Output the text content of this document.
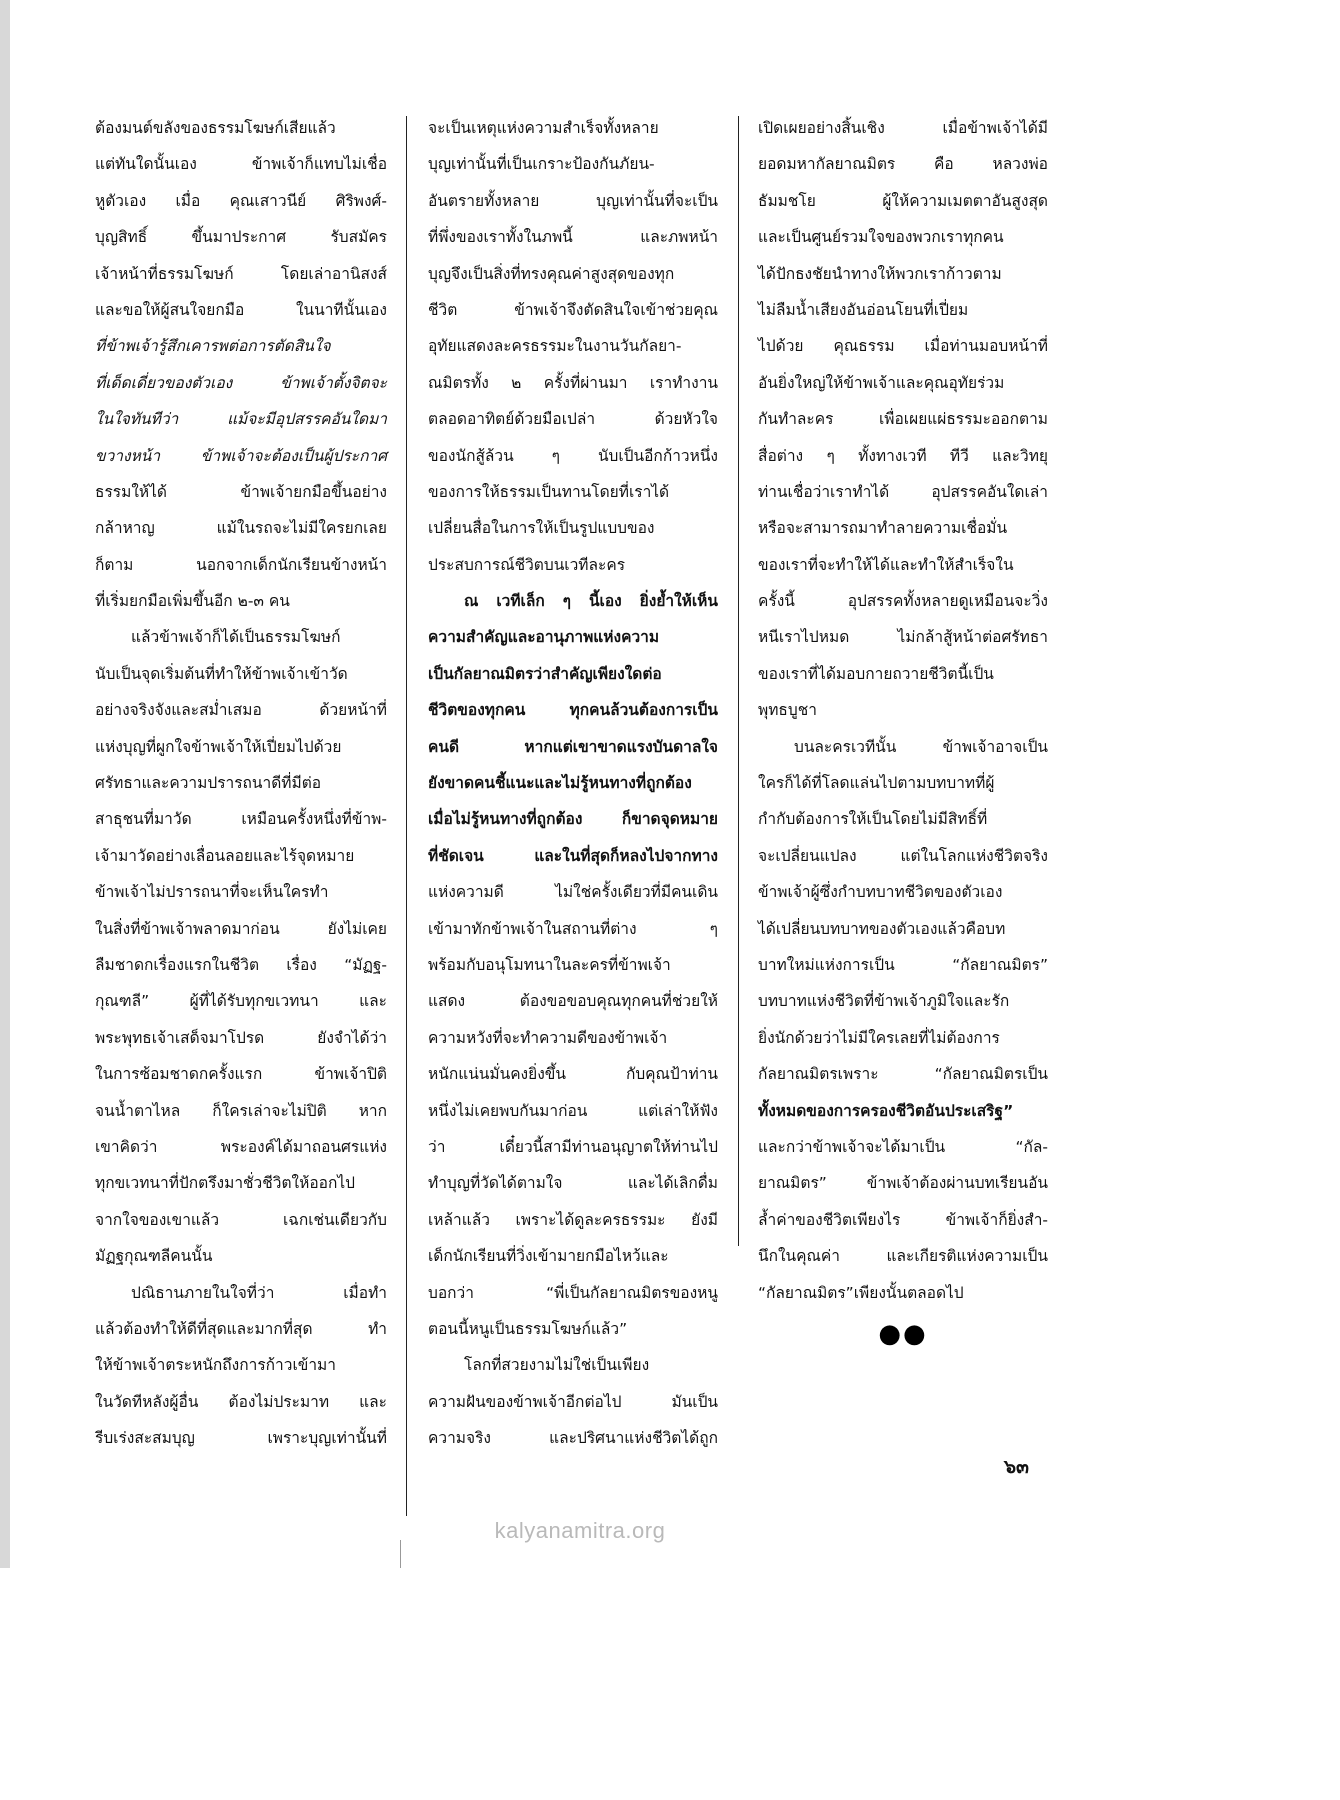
ต้องมนต์ขลังของธรรมโฆษก์เสียแล้ว
แต่ทันใดนั้นเอง ข้าพเจ้าก็แทบไม่เชื่อ
หูตัวเอง เมื่อ คุณเสาวนีย์ ศิริพงศ์-
บุญสิทธิ์ ขึ้นมาประกาศ รับสมัคร
เจ้าหน้าที่ธรรมโฆษก์ โดยเล่าอานิสงส์
และขอให้ผู้สนใจยกมือ ในนาทีนั้นเอง
ที่ข้าพเจ้ารู้สึกเคารพต่อการตัดสินใจ
ที่เด็ดเดี่ยวของตัวเอง ข้าพเจ้าตั้งจิตจะ
ในใจทันทีว่า แม้จะมีอุปสรรคอันใดมา
ขวางหน้า ข้าพเจ้าจะต้องเป็นผู้ประกาศ
ธรรมให้ได้ ข้าพเจ้ายกมือขึ้นอย่าง
กล้าหาญ แม้ในรถจะไม่มีใครยกเลย
ก็ตาม นอกจากเด็กนักเรียนข้างหน้า
ที่เริ่มยกมือเพิ่มขึ้นอีก ๒-๓ คน
แล้วข้าพเจ้าก็ได้เป็นธรรมโฆษก์
นับเป็นจุดเริ่มต้นที่ทำให้ข้าพเจ้าเข้าวัด
อย่างจริงจังและสม่ำเสมอ ด้วยหน้าที่
แห่งบุญที่ผูกใจข้าพเจ้าให้เปี่ยมไปด้วย
ศรัทธาและความปรารถนาดีที่มีต่อ
สาธุชนที่มาวัด เหมือนครั้งหนึ่งที่ข้าพ-
เจ้ามาวัดอย่างเลื่อนลอยและไร้จุดหมาย
ข้าพเจ้าไม่ปรารถนาที่จะเห็นใครทำ
ในสิ่งที่ข้าพเจ้าพลาดมาก่อน ยังไม่เคย
ลืมชาดกเรื่องแรกในชีวิต เรื่อง “มัฏฐ-
กุณฑลี” ผู้ที่ได้รับทุกขเวทนา และ
พระพุทธเจ้าเสด็จมาโปรด ยังจำได้ว่า
ในการซ้อมชาดกครั้งแรก ข้าพเจ้าปิติ
จนน้ำตาไหล ก็ใครเล่าจะไม่ปิติ หาก
เขาคิดว่า พระองค์ได้มาถอนศรแห่ง
ทุกขเวทนาที่ปักตรึงมาชั่วชีวิตให้ออกไป
จากใจของเขาแล้ว เฉกเช่นเดียวกับ
มัฏฐกุณฑลีคนนั้น
ปณิธานภายในใจที่ว่า เมื่อทำ
แล้วต้องทำให้ดีที่สุดและมากที่สุด ทำ
ให้ข้าพเจ้าตระหนักถึงการก้าวเข้ามา
ในวัดทีหลังผู้อื่น ต้องไม่ประมาท และ
รีบเร่งสะสมบุญ เพราะบุญเท่านั้นที่
จะเป็นเหตุแห่งความสำเร็จทั้งหลาย
บุญเท่านั้นที่เป็นเกราะป้องกันภัยน-
อันตรายทั้งหลาย บุญเท่านั้นที่จะเป็น
ที่พึ่งของเราทั้งในภพนี้ และภพหน้า
บุญจึงเป็นสิ่งที่ทรงคุณค่าสูงสุดของทุก
ชีวิต ข้าพเจ้าจึงตัดสินใจเข้าช่วยคุณ
อุทัยแสดงละครธรรมะในงานวันกัลยา-
ณมิตรทั้ง ๒ ครั้งที่ผ่านมา เราทำงาน
ตลอดอาทิตย์ด้วยมือเปล่า ด้วยหัวใจ
ของนักสู้ล้วน ๆ นับเป็นอีกก้าวหนึ่ง
ของการให้ธรรมเป็นทานโดยที่เราได้
เปลี่ยนสื่อในการให้เป็นรูปแบบของ
ประสบการณ์ชีวิตบนเวทีละคร
ณ เวทีเล็ก ๆ นี้เอง ยิ่งย้ำให้เห็น
ความสำคัญและอานุภาพแห่งความ
เป็นกัลยาณมิตรว่าสำคัญเพียงใดต่อ
ชีวิตของทุกคน ทุกคนล้วนต้องการเป็น
คนดี หากแต่เขาขาดแรงบันดาลใจ
ยังขาดคนชี้แนะและไม่รู้หนทางที่ถูกต้อง
เมื่อไม่รู้หนทางที่ถูกต้อง ก็ขาดจุดหมาย
ที่ชัดเจน และในที่สุดก็หลงไปจากทาง
แห่งความดี ไม่ใช่ครั้งเดียวที่มีคนเดิน
เข้ามาทักข้าพเจ้าในสถานที่ต่าง ๆ
พร้อมกับอนุโมทนาในละครที่ข้าพเจ้า
แสดง ต้องขอขอบคุณทุกคนที่ช่วยให้
ความหวังที่จะทำความดีของข้าพเจ้า
หนักแน่นมั่นคงยิ่งขึ้น กับคุณป้าท่าน
หนึ่งไม่เคยพบกันมาก่อน แต่เล่าให้ฟัง
ว่า เดี๋ยวนี้สามีท่านอนุญาตให้ท่านไป
ทำบุญที่วัดได้ตามใจ และได้เลิกดื่ม
เหล้าแล้ว เพราะได้ดูละครธรรมะ ยังมี
เด็กนักเรียนที่วิ่งเข้ามายกมือไหว้และ
บอกว่า “พี่เป็นกัลยาณมิตรของหนู
ตอนนี้หนูเป็นธรรมโฆษก์แล้ว”
โลกที่สวยงามไม่ใช่เป็นเพียง
ความฝันของข้าพเจ้าอีกต่อไป มันเป็น
ความจริง และปริศนาแห่งชีวิตได้ถูก
เปิดเผยอย่างสิ้นเชิง เมื่อข้าพเจ้าได้มี
ยอดมหากัลยาณมิตร คือ หลวงพ่อ
ธัมมชโย ผู้ให้ความเมตตาอันสูงสุด
และเป็นศูนย์รวมใจของพวกเราทุกคน
ได้ปักธงชัยนำทางให้พวกเราก้าวตาม
ไม่ลืมน้ำเสียงอันอ่อนโยนที่เปี่ยม
ไปด้วย คุณธรรม เมื่อท่านมอบหน้าที่
อันยิ่งใหญ่ให้ข้าพเจ้าและคุณอุทัยร่วม
กันทำละคร เพื่อเผยแผ่ธรรมะออกตาม
สื่อต่าง ๆ ทั้งทางเวที ทีวี และวิทยุ
ท่านเชื่อว่าเราทำได้ อุปสรรคอันใดเล่า
หรือจะสามารถมาทำลายความเชื่อมั่น
ของเราที่จะทำให้ได้และทำให้สำเร็จใน
ครั้งนี้ อุปสรรคทั้งหลายดูเหมือนจะวิ่ง
หนีเราไปหมด ไม่กล้าสู้หน้าต่อศรัทธา
ของเราที่ได้มอบกายถวายชีวิตนี้เป็น
พุทธบูชา
บนละครเวทีนั้น ข้าพเจ้าอาจเป็น
ใครก็ได้ที่โลดแล่นไปตามบทบาทที่ผู้
กำกับต้องการให้เป็นโดยไม่มีสิทธิ์ที่
จะเปลี่ยนแปลง แต่ในโลกแห่งชีวิตจริง
ข้าพเจ้าผู้ซึ่งกำบทบาทชีวิตของตัวเอง
ได้เปลี่ยนบทบาทของตัวเองแล้วคือบท
บาทใหม่แห่งการเป็น “กัลยาณมิตร”
บทบาทแห่งชีวิตที่ข้าพเจ้าภูมิใจและรัก
ยิ่งนักด้วยว่าไม่มีใครเลยที่ไม่ต้องการ
กัลยาณมิตรเพราะ “กัลยาณมิตรเป็น
ทั้งหมดของการครองชีวิตอันประเสริฐ”
และกว่าข้าพเจ้าจะได้มาเป็น “กัล-
ยาณมิตร” ข้าพเจ้าต้องผ่านบทเรียนอัน
ล้ำค่าของชีวิตเพียงไร ข้าพเจ้าก็ยิ่งสำ-
นึกในคุณค่า และเกียรติแห่งความเป็น
“กัลยาณมิตร”เพียงนั้นตลอดไป
●●
๖๓
kalyanamitra.org
